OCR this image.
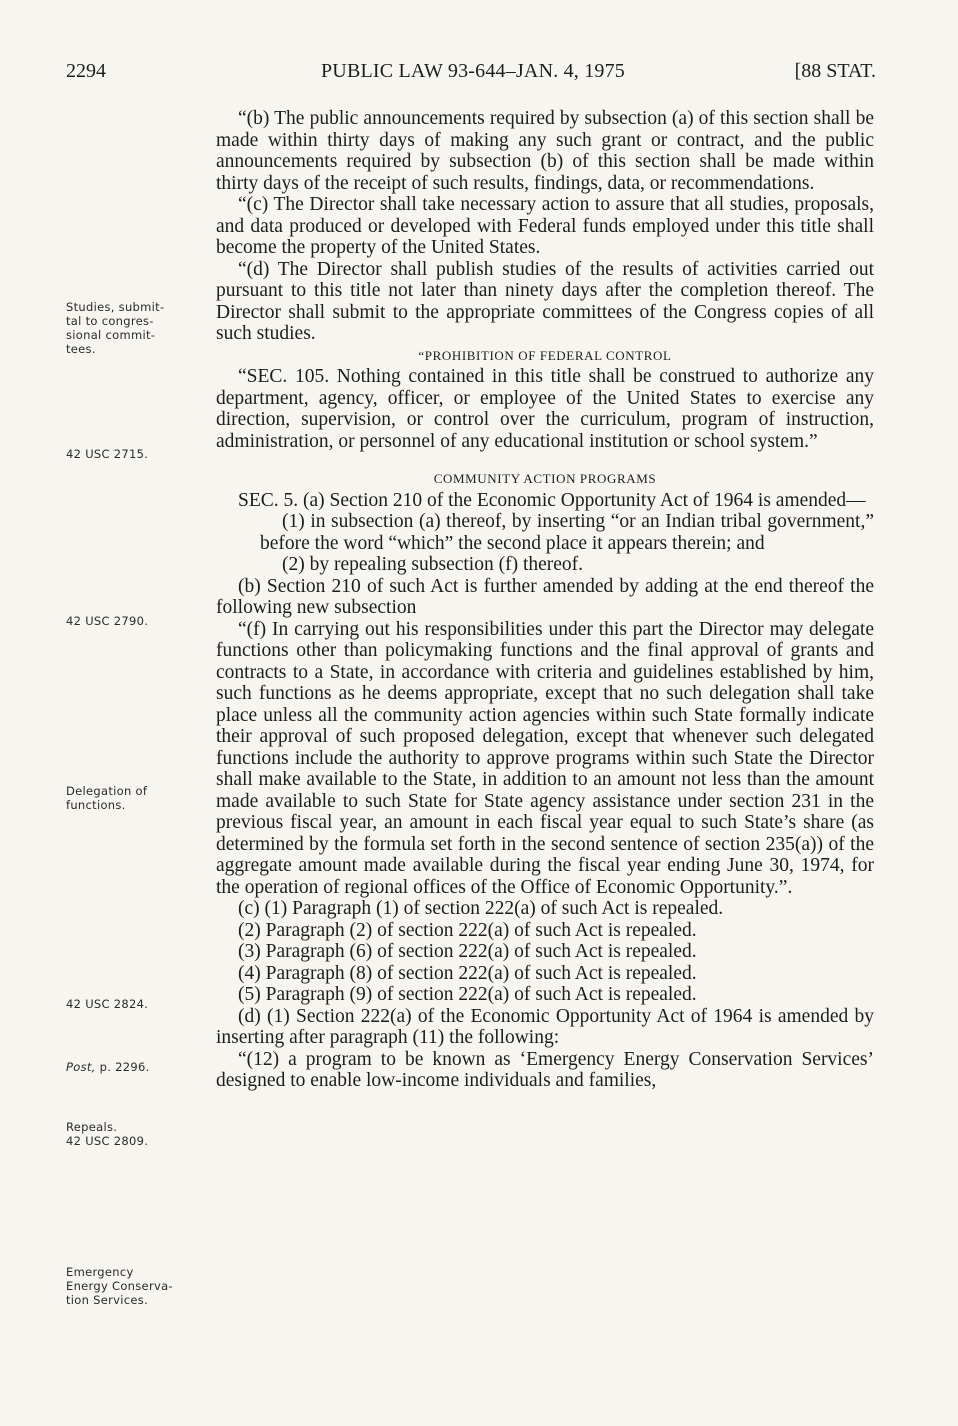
2294	PUBLIC LAW 93-644–JAN. 4, 1975	[88 STAT.
Studies, submit-
tal to congres-
sional commit-
tees.
42 USC 2715.
42 USC 2790.
Delegation of
functions.
42 USC 2824.
Post, p. 2296.
Repeals.
42 USC 2809.
Emergency
Energy Conserva-
tion Services.

“(b) The public announcements required by subsection (a) of this section shall be made within thirty days of making any such grant or contract, and the public announcements required by subsection (b) of this section shall be made within thirty days of the receipt of such results, findings, data, or recommendations.

“(c) The Director shall take necessary action to assure that all studies, proposals, and data produced or developed with Federal funds employed under this title shall become the property of the United States.

“(d) The Director shall publish studies of the results of activities carried out pursuant to this title not later than ninety days after the completion thereof. The Director shall submit to the appropriate committees of the Congress copies of all such studies.

“PROHIBITION OF FEDERAL CONTROL

“SEC. 105. Nothing contained in this title shall be construed to authorize any department, agency, officer, or employee of the United States to exercise any direction, supervision, or control over the curriculum, program of instruction, administration, or personnel of any educational institution or school system.”

COMMUNITY ACTION PROGRAMS

SEC. 5. (a) Section 210 of the Economic Opportunity Act of 1964 is amended—

(1) in subsection (a) thereof, by inserting “or an Indian tribal government,” before the word “which” the second place it appears therein; and

(2) by repealing subsection (f) thereof.

(b) Section 210 of such Act is further amended by adding at the end thereof the following new subsection

“(f) In carrying out his responsibilities under this part the Director may delegate functions other than policymaking functions and the final approval of grants and contracts to a State, in accordance with criteria and guidelines established by him, such functions as he deems appropriate, except that no such delegation shall take place unless all the community action agencies within such State formally indicate their approval of such proposed delegation, except that whenever such delegated functions include the authority to approve programs within such State the Director shall make available to the State, in addition to an amount not less than the amount made available to such State for State agency assistance under section 231 in the previous fiscal year, an amount in each fiscal year equal to such State’s share (as determined by the formula set forth in the second sentence of section 235(a)) of the aggregate amount made available during the fiscal year ending June 30, 1974, for the operation of regional offices of the Office of Economic Opportunity.”.

(c) (1) Paragraph (1) of section 222(a) of such Act is repealed.

(2) Paragraph (2) of section 222(a) of such Act is repealed.

(3) Paragraph (6) of section 222(a) of such Act is repealed.

(4) Paragraph (8) of section 222(a) of such Act is repealed.

(5) Paragraph (9) of section 222(a) of such Act is repealed.

(d) (1) Section 222(a) of the Economic Opportunity Act of 1964 is amended by inserting after paragraph (11) the following:

“(12) a program to be known as ‘Emergency Energy Conservation Services’ designed to enable low-income individuals and families,
